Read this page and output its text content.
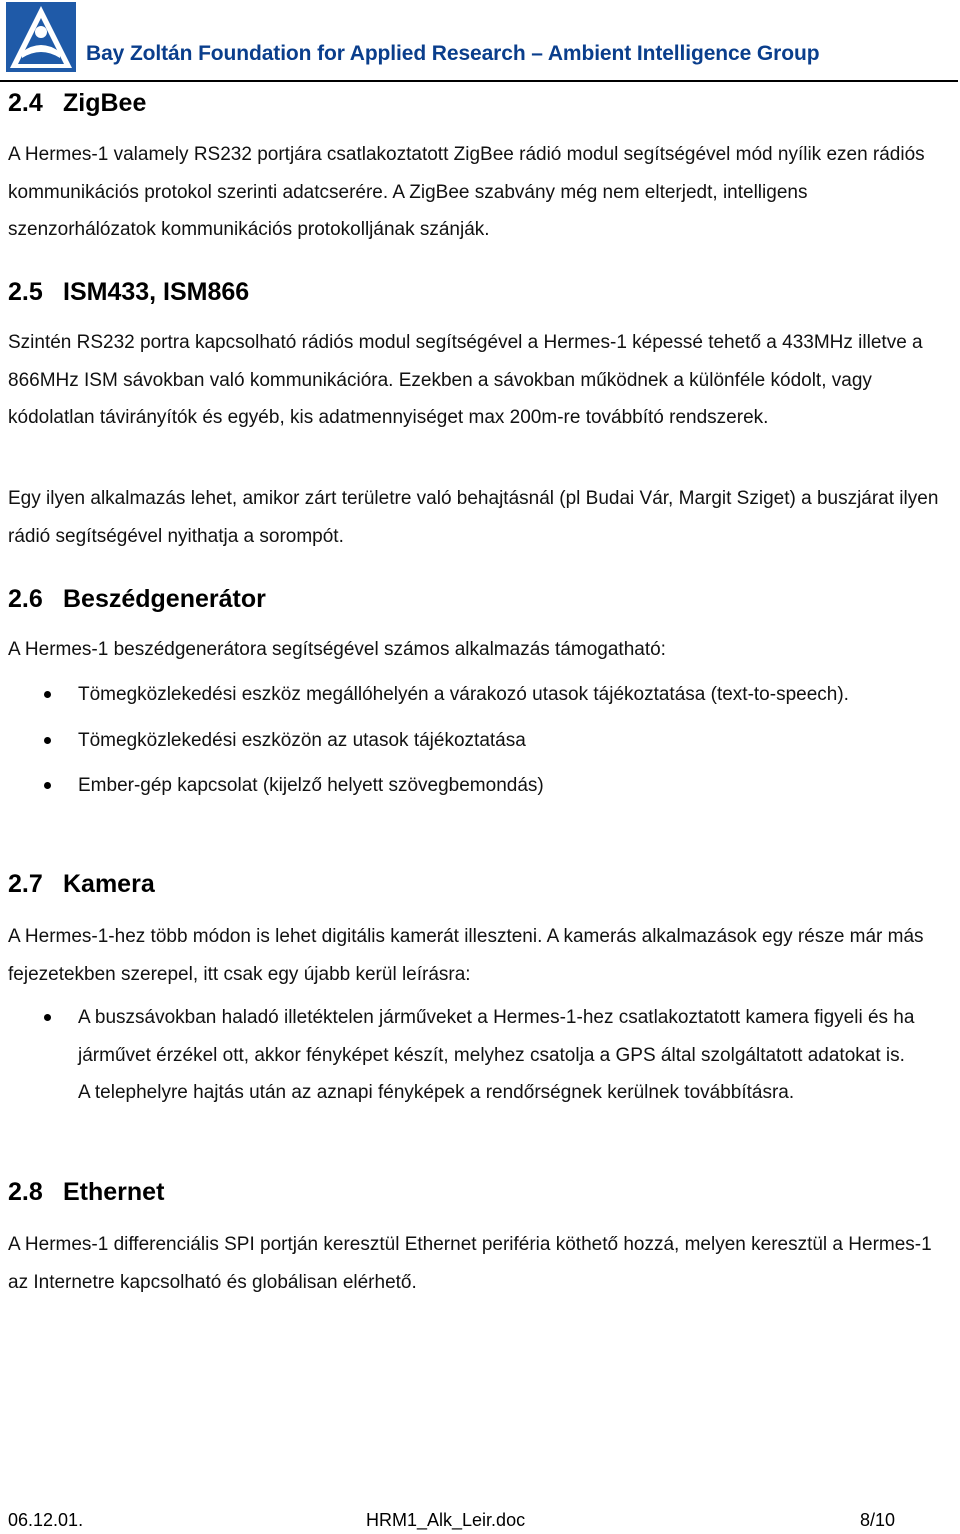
Bay Zoltán Foundation for Applied Research – Ambient Intelligence Group
2.4 ZigBee

A Hermes-1 valamely RS232 portjára csatlakoztatott ZigBee rádió modul segítségével mód nyílik ezen rádiós kommunikációs protokol szerinti adatcserére. A ZigBee szabvány még nem elterjedt, intelligens szenzorhálózatok kommunikációs protokolljának szánják.

2.5 ISM433, ISM866

Szintén RS232 portra kapcsolható rádiós modul segítségével a Hermes-1 képessé tehető a 433MHz illetve a 866MHz ISM sávokban való kommunikációra. Ezekben a sávokban működnek a különféle kódolt, vagy kódolatlan távirányítók és egyéb, kis adatmennyiséget max 200m-re továbbító rendszerek.

Egy ilyen alkalmazás lehet, amikor zárt területre való behajtásnál (pl Budai Vár, Margit Sziget) a buszjárat ilyen rádió segítségével nyithatja a sorompót.

2.6 Beszédgenerátor

A Hermes-1 beszédgenerátora segítségével számos alkalmazás támogatható:

Tömegközlekedési eszköz megállóhelyén a várakozó utasok tájékoztatása (text-to-speech).
Tömegközlekedési eszközön az utasok tájékoztatása
Ember-gép kapcsolat (kijelző helyett szövegbemondás)
2.7 Kamera

A Hermes-1-hez több módon is lehet digitális kamerát illeszteni. A kamerás alkalmazások egy része már más fejezetekben szerepel, itt csak egy újabb kerül leírásra:

A buszsávokban haladó illetéktelen járműveket a Hermes-1-hez csatlakoztatott kamera figyeli és ha járművet érzékel ott, akkor fényképet készít, melyhez csatolja a GPS által szolgáltatott adatokat is. A telephelyre hajtás után az aznapi fényképek a rendőrségnek kerülnek továbbításra.
2.8 Ethernet

A Hermes-1 differenciális SPI portján keresztül Ethernet periféria köthető hozzá, melyen keresztül a Hermes-1 az Internetre kapcsolható és globálisan elérhető.

06.12.01.	HRM1_Alk_Leir.doc	8/10
